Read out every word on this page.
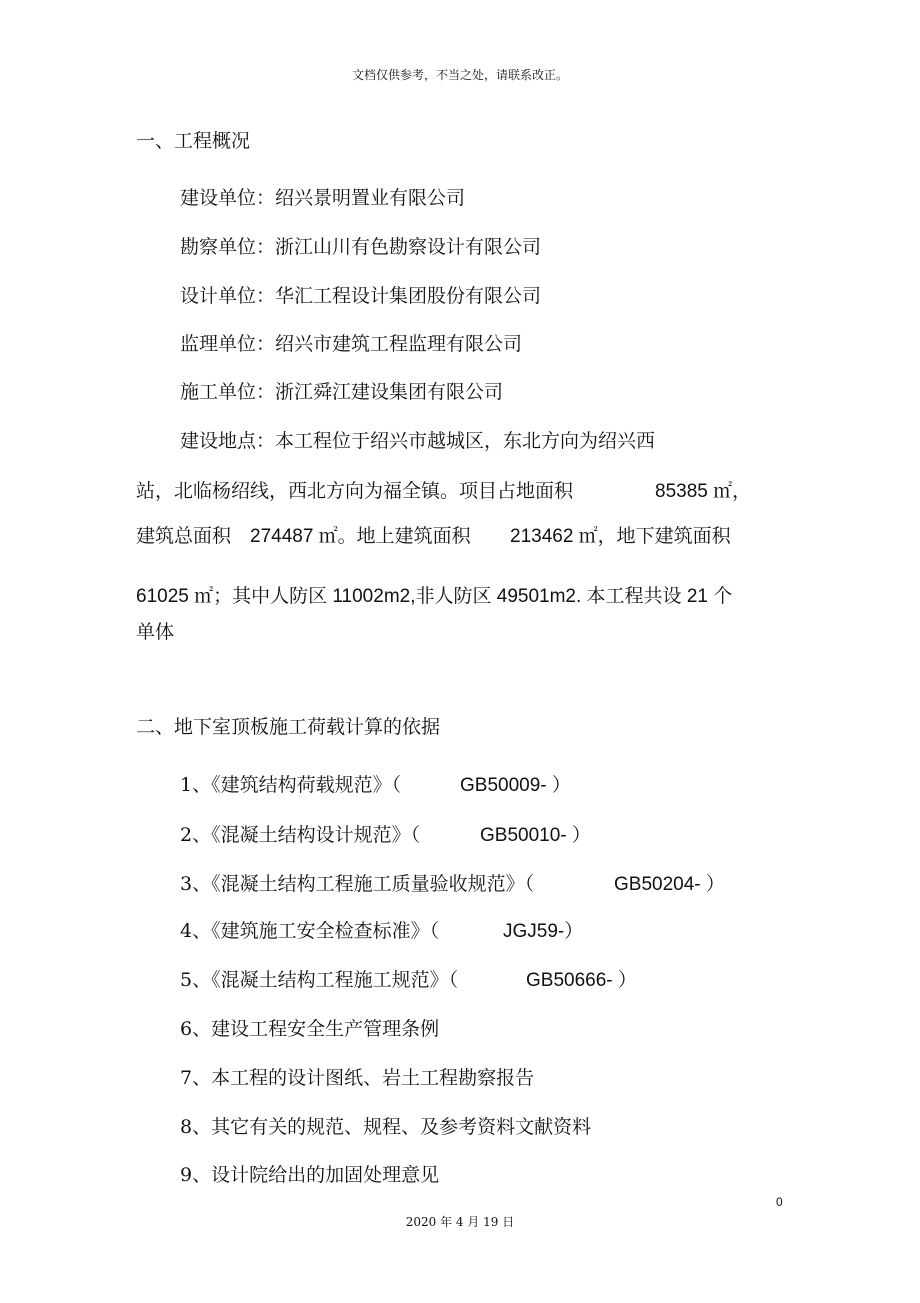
文档仅供参考，不当之处，请联系改正。
一、工程概况
建设单位：绍兴景明置业有限公司
勘察单位：浙江山川有色勘察设计有限公司
设计单位：华汇工程设计集团股份有限公司
监理单位：绍兴市建筑工程监理有限公司
施工单位：浙江舜江建设集团有限公司
建设地点：本工程位于绍兴市越城区，东北方向为绍兴西
站，北临杨绍线，西北方向为福全镇。项目占地面积	85385 ㎡，
建筑总面积 274487 ㎡。地上建筑面积 213462 ㎡，地下建筑面积
61025 ㎡；其中人防区 11002m2,非人防区 49501m2. 本工程共设 21 个
单体
二、地下室顶板施工荷载计算的依据
1、《建筑结构荷载规范》（	GB50009- ）
2、《混凝土结构设计规范》（	GB50010- ）
3、《混凝土结构工程施工质量验收规范》（	GB50204- ）
4、《建筑施工安全检查标准》（	JGJ59-）
5、《混凝土结构工程施工规范》（	GB50666- ）
6、建设工程安全生产管理条例
7、本工程的设计图纸、岩土工程勘察报告
8、其它有关的规范、规程、及参考资料文献资料
9、设计院给出的加固处理意见
0
2020 年 4 月 19 日
